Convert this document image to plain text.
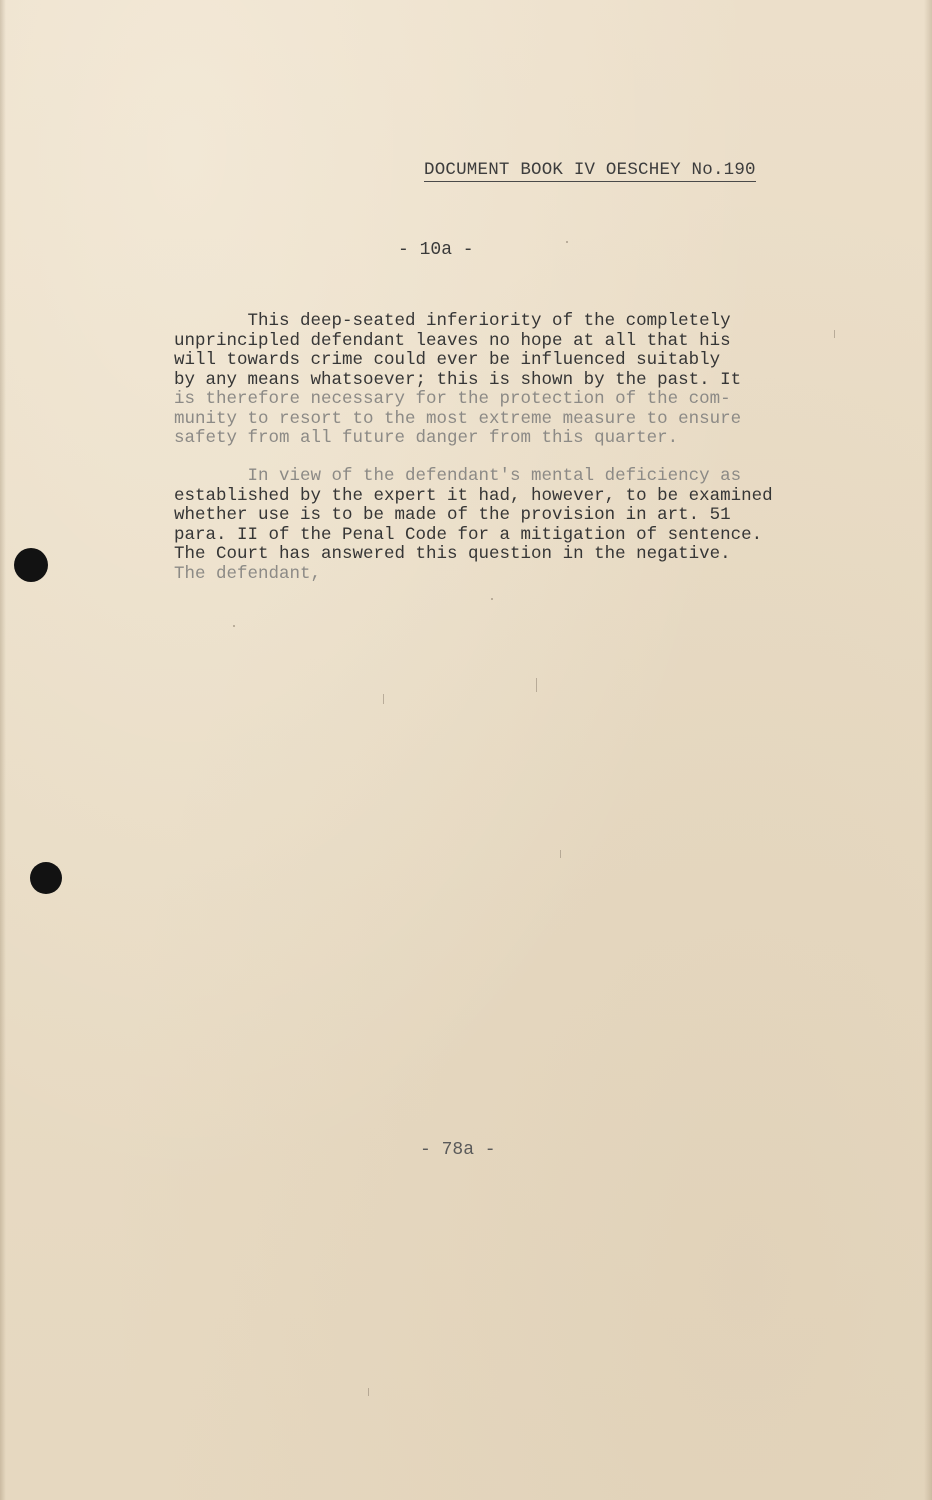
DOCUMENT BOOK IV OESCHEY No.190
- 10a -
This deep-seated inferiority of the completely
unprincipled defendant leaves no hope at all that his
will towards crime could ever be influenced suitably
by any means whatsoever; this is shown by the past. It
is therefore necessary for the protection of the com-
munity to resort to the most extreme measure to ensure
safety from all future danger from this quarter.
In view of the defendant's mental deficiency as
established by the expert it had, however, to be examined
whether use is to be made of the provision in art. 51
para. II of the Penal Code for a mitigation of sentence.
The Court has answered this question in the negative.
The defendant,
- 78a -
